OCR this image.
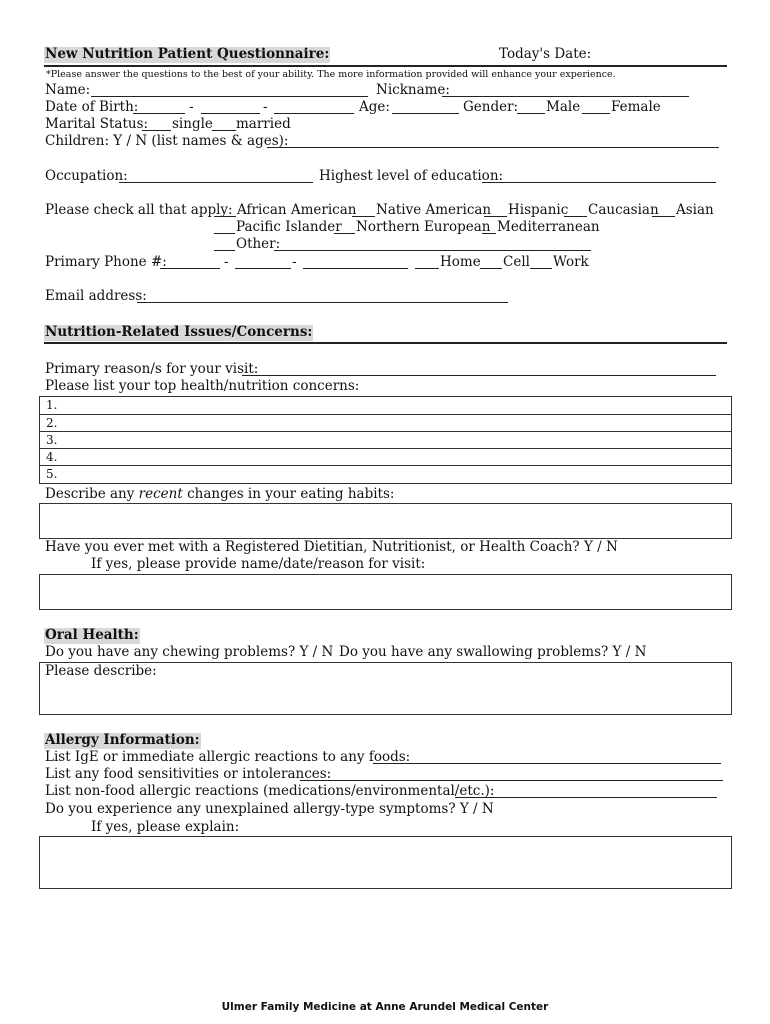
New Nutrition Patient Questionnaire:	Today's Date:
*Please answer the questions to the best of your ability. The more information provided will enhance your experience.
Name:	Nickname:
Date of Birth:	-	-	Age:	Gender: Male Female
Marital Status: single married
Children: Y / N (list names & ages):
Occupation:	Highest level of education:
Please check all that apply: African American Native American Hispanic Caucasian Asian
Pacific Islander Northern European Mediterranean
Other:
Primary Phone #:	-	-	Home Cell Work
Email address:
Nutrition-Related Issues/Concerns:
Primary reason/s for your visit:
Please list your top health/nutrition concerns:
1.
2.
3.
4.
5.
Describe any recent changes in your eating habits:
Have you ever met with a Registered Dietitian, Nutritionist, or Health Coach? Y / N
If yes, please provide name/date/reason for visit:
Oral Health:
Do you have any chewing problems? Y / N Do you have any swallowing problems? Y / N
Please describe:
Allergy Information:
List IgE or immediate allergic reactions to any foods:
List any food sensitivities or intolerances:
List non-food allergic reactions (medications/environmental/etc.):
Do you experience any unexplained allergy-type symptoms? Y / N
If yes, please explain:
Ulmer Family Medicine at Anne Arundel Medical Center
